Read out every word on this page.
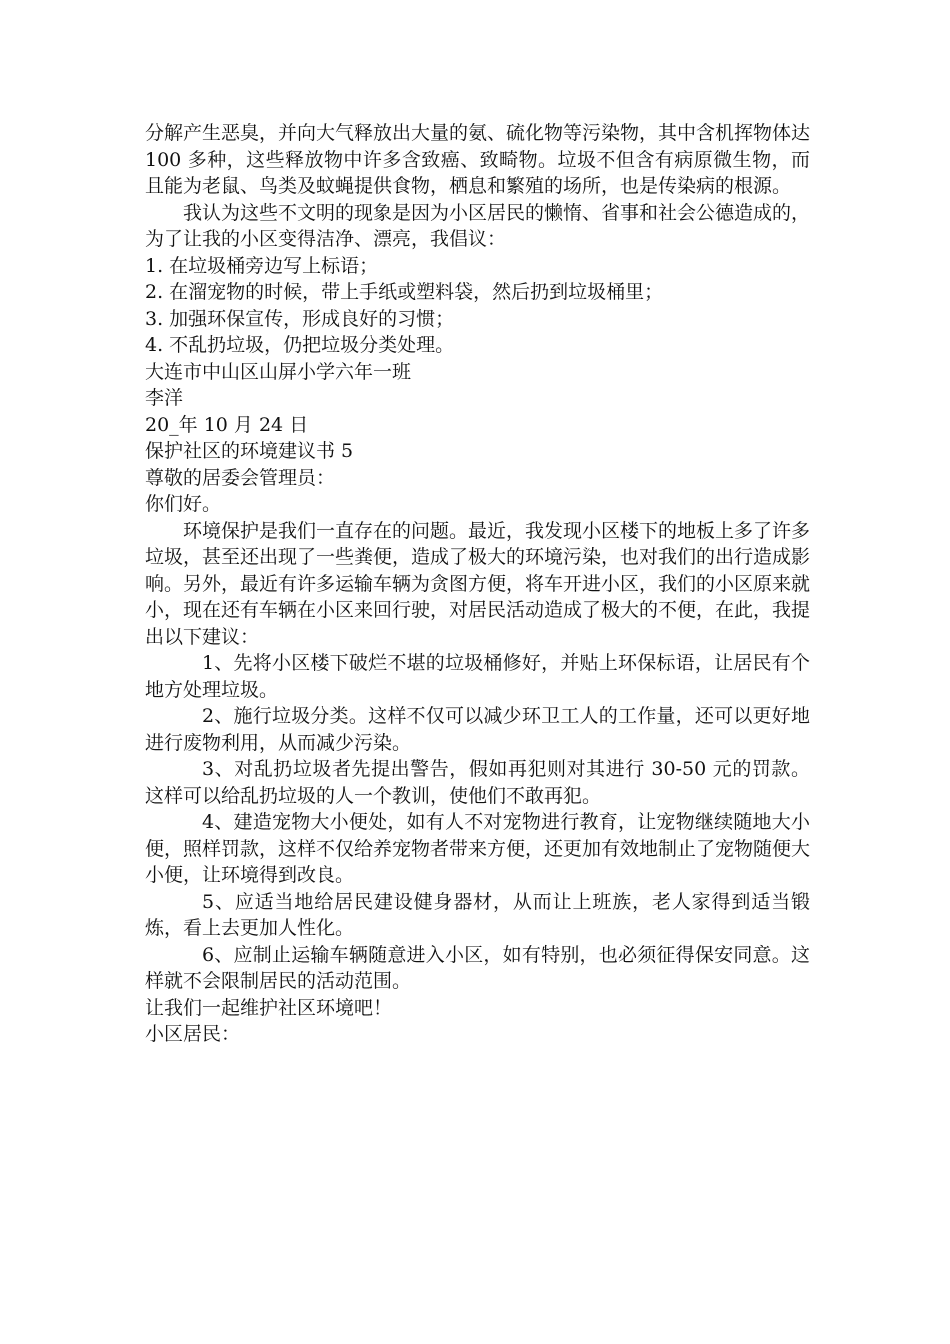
分解产生恶臭，并向大气释放出大量的氨、硫化物等污染物，其中含机挥物体达 100 多种，这些释放物中许多含致癌、致畸物。垃圾不但含有病原微生物，而且能为老鼠、鸟类及蚊蝇提供食物，栖息和繁殖的场所，也是传染病的根源。

我认为这些不文明的现象是因为小区居民的懒惰、省事和社会公德造成的，为了让我的小区变得洁净、漂亮，我倡议：

1. 在垃圾桶旁边写上标语；

2. 在溜宠物的时候，带上手纸或塑料袋，然后扔到垃圾桶里；

3. 加强环保宣传，形成良好的习惯；

4. 不乱扔垃圾，仍把垃圾分类处理。

大连市中山区山屏小学六年一班

李洋

20_年 10 月 24 日

保护社区的环境建议书 5

尊敬的居委会管理员：

你们好。

环境保护是我们一直存在的问题。最近，我发现小区楼下的地板上多了许多垃圾，甚至还出现了一些粪便，造成了极大的环境污染，也对我们的出行造成影响。另外，最近有许多运输车辆为贪图方便，将车开进小区，我们的小区原来就小，现在还有车辆在小区来回行驶，对居民活动造成了极大的不便，在此，我提出以下建议：

1、先将小区楼下破烂不堪的垃圾桶修好，并贴上环保标语，让居民有个地方处理垃圾。

2、施行垃圾分类。这样不仅可以减少环卫工人的工作量，还可以更好地进行废物利用，从而减少污染。

3、对乱扔垃圾者先提出警告，假如再犯则对其进行 30-50 元的罚款。这样可以给乱扔垃圾的人一个教训，使他们不敢再犯。

4、建造宠物大小便处，如有人不对宠物进行教育，让宠物继续随地大小便，照样罚款，这样不仅给养宠物者带来方便，还更加有效地制止了宠物随便大小便，让环境得到改良。

5、应适当地给居民建设健身器材，从而让上班族，老人家得到适当锻炼，看上去更加人性化。

6、应制止运输车辆随意进入小区，如有特别，也必须征得保安同意。这样就不会限制居民的活动范围。

让我们一起维护社区环境吧！

小区居民：
